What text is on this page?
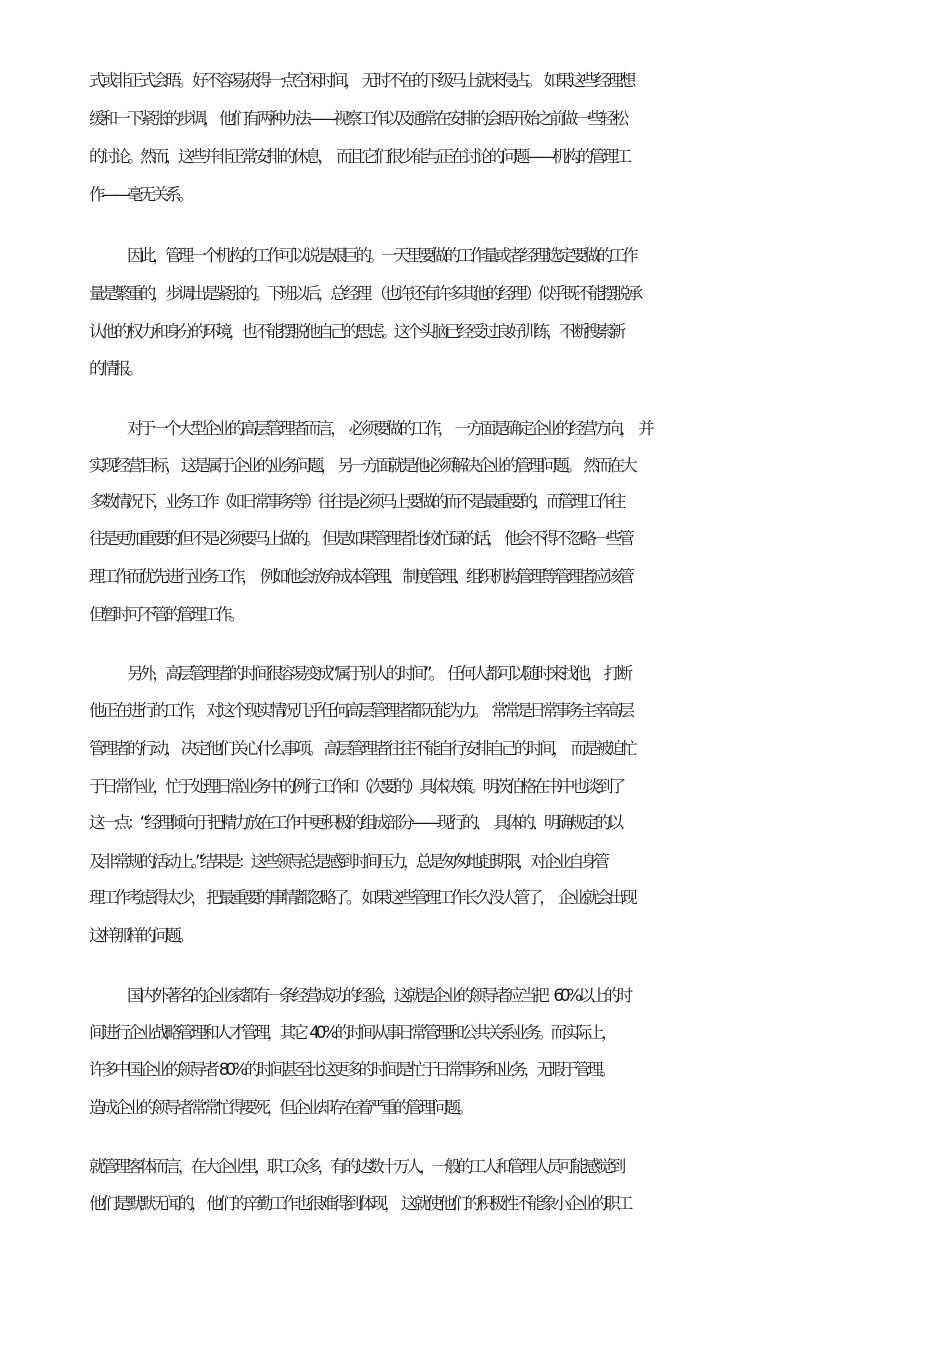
式或非正式会晤。 好不容易获得一点空闲时间，   无时不在的下级马上就来侵占。   如果这些经理想
缓和一下紧张的步调，  他们有两种办法——视察工作以及通常在安排的会晤开始之前做一些轻松
的讨论。然而，这些并非正常安排的休息，    而且它们很少能与正在讨论的问题——机构的管理工
作——毫无关系。
因此，管理一个机构的工作可以说是艰巨的。一天里要做的工作量或者经理选定要做的工作
量是繁重的，步调出是紧张的。下班以后，总经理  （也许还有许多其他的经理 ）似乎既不能摆脱承
认他的权力和身分的环境，也不能摆脱他自己的思虑。这个头脑已经受过良好训练，不断搜索新
的情报。
对于一个大型企业的高层管理者而言，    必须要做的工作，   一方面是确定企业的经营方向，    并
实现经营目标，  这是属于企业的业务问题，   另一方面就是他必须解决企业的管理问题。   然而在大
多数情况下，业务工作（如日常事务等）往往是必须马上要做的而不是最重要的，而管理工作往
往是更加重要的但不是必须要马上做的。   但是如果管理者比较忙碌的话，   他会不得不忽略一些管
理工作而优先进行业务工作，    例如他会放弃成本管理、  制度管理、组织机构管理等管理者应该管
但暂时可不管的管理工作。
另外，高层管理者的时间很容易变成“属于别人的时间”。    任何人都可以随时来找他，   打断
他正在进行的工作，  对这个现实情况几乎任何高层管理者都无能为力。    常常是日常事务主宰高层
管理者的行动，  决定他们关心什么事项。  高层管理者往往不能自行安排自己的时间，    而是被迫忙
于日常作业，忙于处理日常业务中的例行工作和（次要的）具体决策。明茨伯格在书中也谈到了
这一点：“经理倾向于把精力放在工作中更积极的组成部分——现行的、    具体的、明确规定的以
及非常规的活动上。”结果是：这些领导总是感到时间压力，总是匆匆地赶期限，对企业自身管
理工作考虑得太少，  把最重要的事情都忽略了。  如果这些管理工作长久没人管了，    企业就会出现
这样那样的问题。
国内外著名的企业家都有一条经营成功的经验，这就是企业的领导者应当把     60%以上的时
间进行企业战略管理和人才管理，其它   40%的时间从事日常管理和公共关系业务。而实际上，
许多中国企业的领导者  80%的时间甚至比这更多的时间是忙于日常事务和业务，无暇于管理。
造成企业的领导者常常忙得要死，但企业却存在着严重的管理问题。
就管理客体而言，在大企业里，职工众多，有的达数十万人，一般的工人和管理人员可能感觉到
他们是默默无闻的，  他们的辛勤工作也很难得到体现，   这就使他们的积极性不能象小企业的职工
